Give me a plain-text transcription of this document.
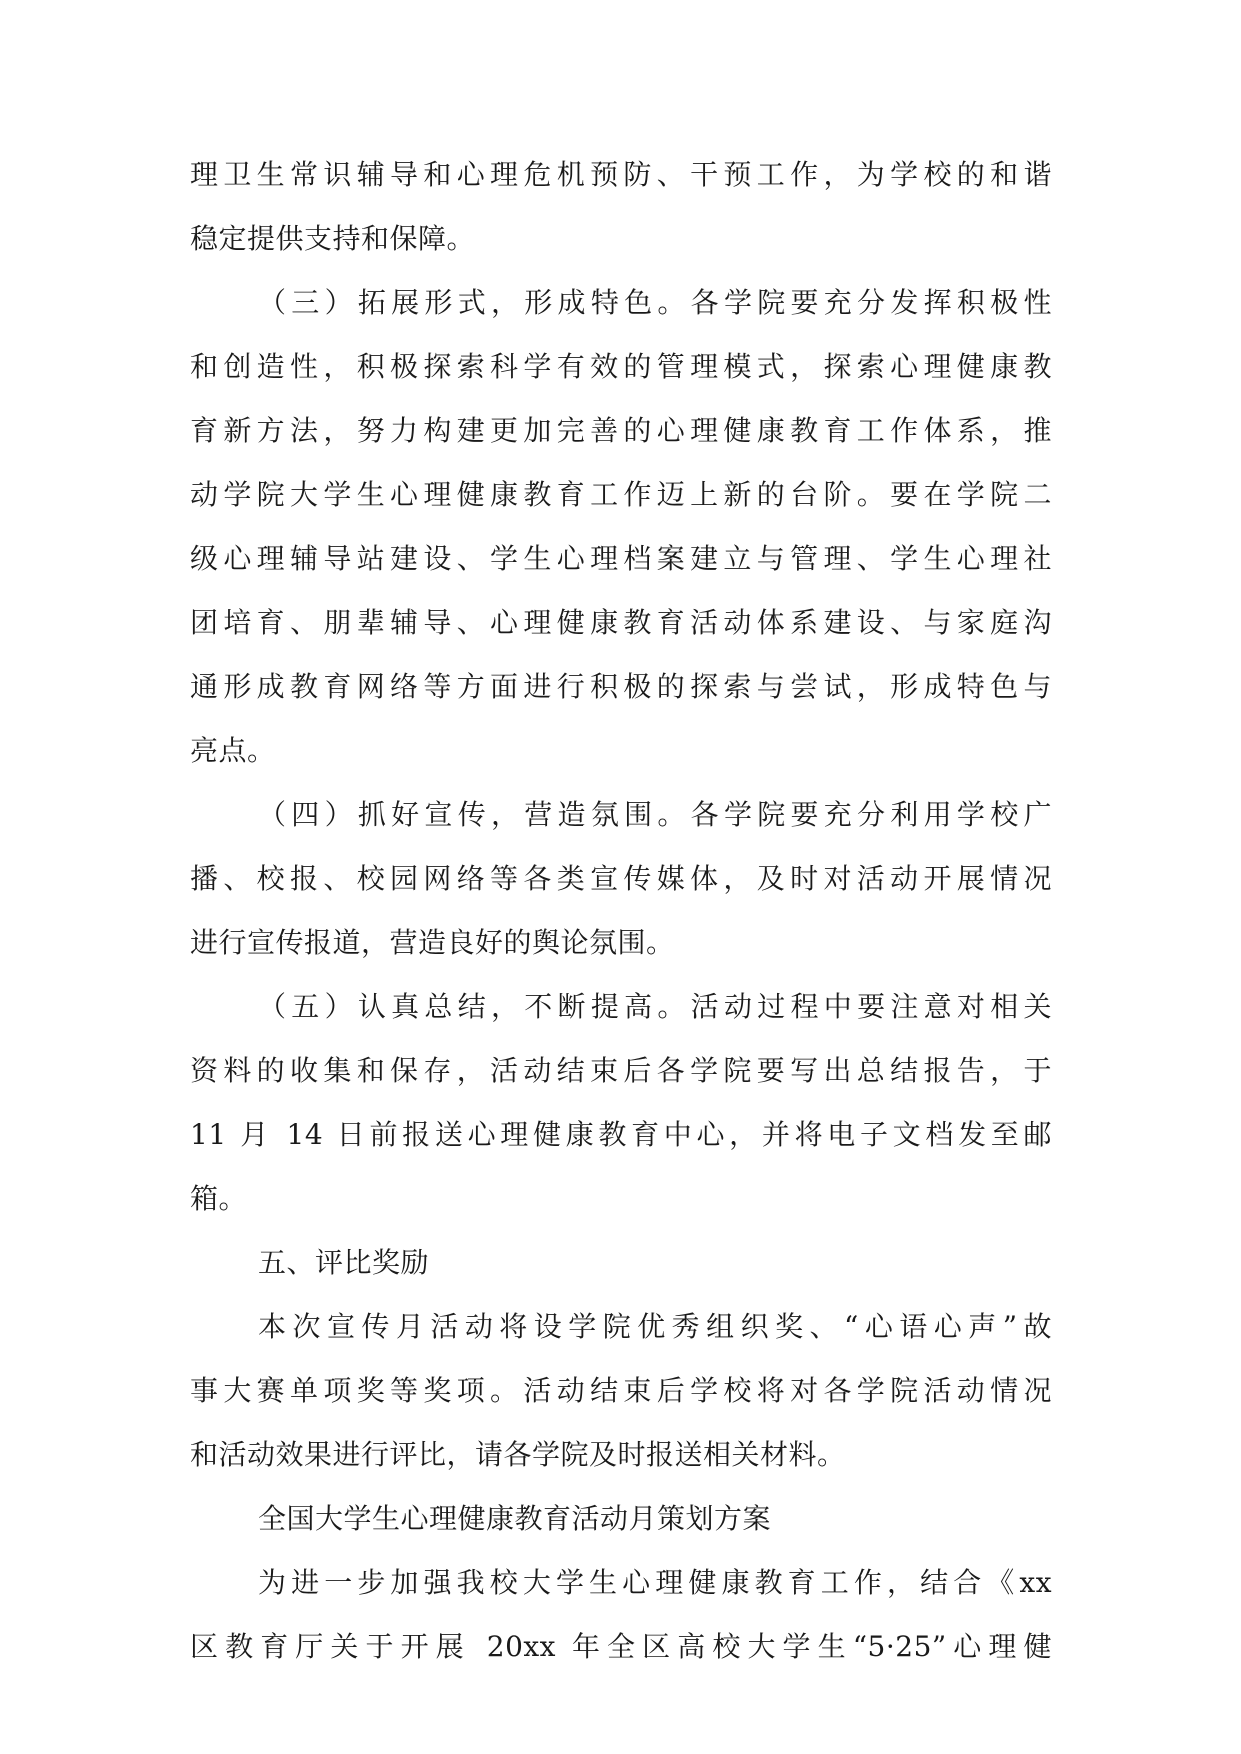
理卫生常识辅导和心理危机预防、干预工作，为学校的和谐
稳定提供支持和保障。
（三）拓展形式，形成特色。各学院要充分发挥积极性
和创造性，积极探索科学有效的管理模式，探索心理健康教
育新方法，努力构建更加完善的心理健康教育工作体系，推
动学院大学生心理健康教育工作迈上新的台阶。要在学院二
级心理辅导站建设、学生心理档案建立与管理、学生心理社
团培育、朋辈辅导、心理健康教育活动体系建设、与家庭沟
通形成教育网络等方面进行积极的探索与尝试，形成特色与
亮点。
（四）抓好宣传，营造氛围。各学院要充分利用学校广
播、校报、校园网络等各类宣传媒体，及时对活动开展情况
进行宣传报道，营造良好的舆论氛围。
（五）认真总结，不断提高。活动过程中要注意对相关
资料的收集和保存，活动结束后各学院要写出总结报告，于
11 月 14 日前报送心理健康教育中心，并将电子文档发至邮
箱。
五、评比奖励
本次宣传月活动将设学院优秀组织奖、“心语心声”故
事大赛单项奖等奖项。活动结束后学校将对各学院活动情况
和活动效果进行评比，请各学院及时报送相关材料。
全国大学生心理健康教育活动月策划方案
为进一步加强我校大学生心理健康教育工作，结合《xx
区教育厅关于开展 20xx 年全区高校大学生“5·25”心理健
